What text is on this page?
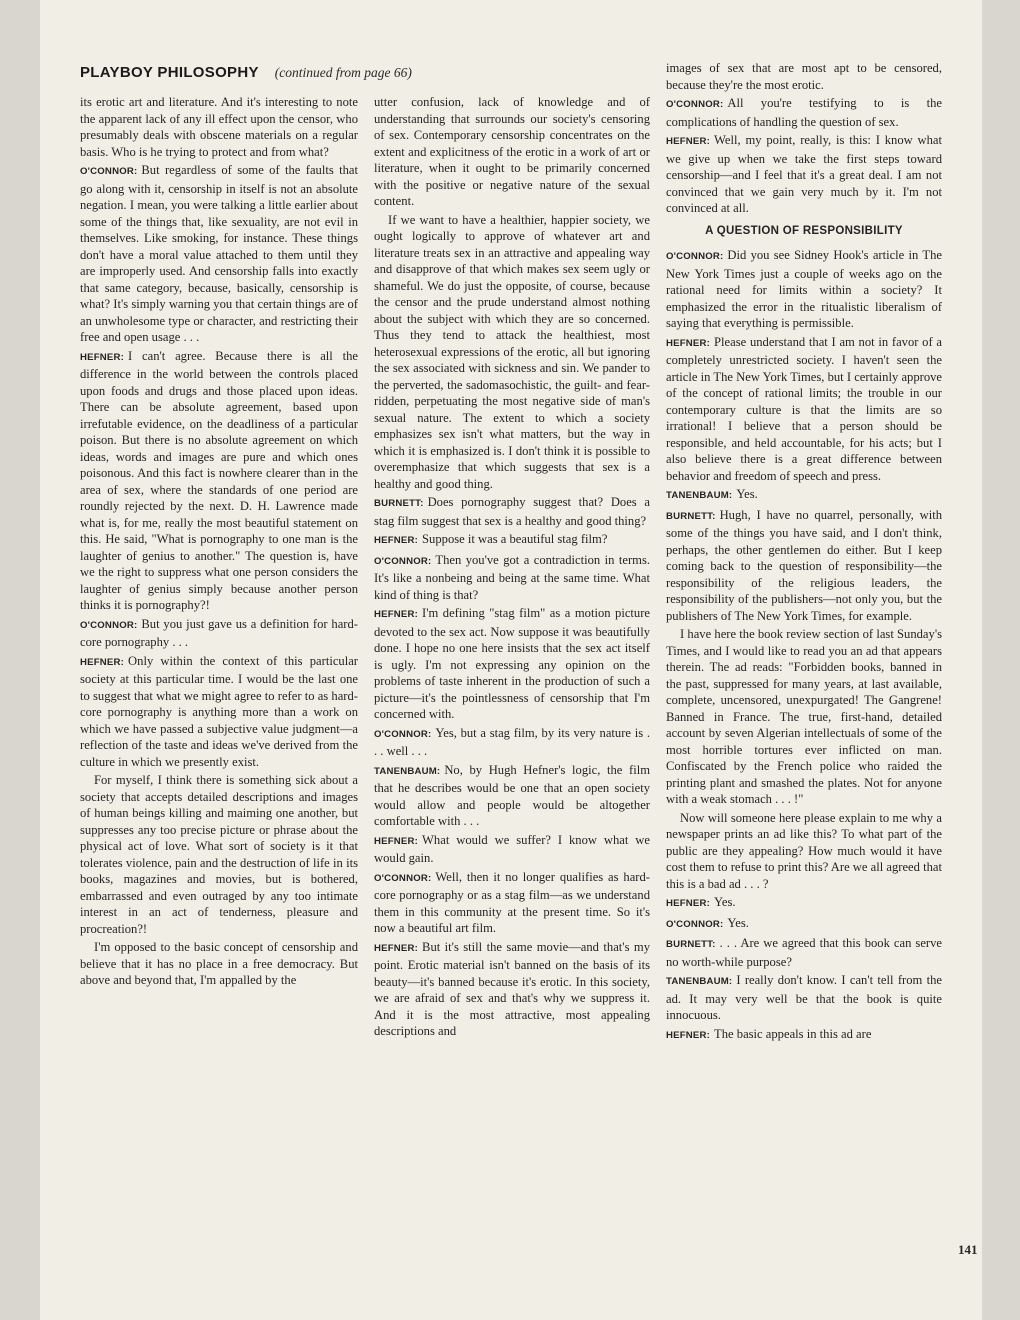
PLAYBOY PHILOSOPHY (continued from page 66)

its erotic art and literature. And it's interesting to note the apparent lack of any ill effect upon the censor, who presumably deals with obscene materials on a regular basis. Who is he trying to protect and from what?

O'CONNOR: But regardless of some of the faults that go along with it, censorship in itself is not an absolute negation. I mean, you were talking a little earlier about some of the things that, like sexuality, are not evil in themselves. Like smoking, for instance. These things don't have a moral value attached to them until they are improperly used. And censorship falls into exactly that same category, because, basically, censorship is what? It's simply warning you that certain things are of an unwholesome type or character, and restricting their free and open usage . . .

HEFNER: I can't agree. Because there is all the difference in the world between the controls placed upon foods and drugs and those placed upon ideas. There can be absolute agreement, based upon irrefutable evidence, on the deadliness of a particular poison. But there is no absolute agreement on which ideas, words and images are pure and which ones poisonous. And this fact is nowhere clearer than in the area of sex, where the standards of one period are roundly rejected by the next. D. H. Lawrence made what is, for me, really the most beautiful statement on this. He said, "What is pornography to one man is the laughter of genius to another." The question is, have we the right to suppress what one person considers the laughter of genius simply because another person thinks it is pornography?!

O'CONNOR: But you just gave us a definition for hard-core pornography . . .

HEFNER: Only within the context of this particular society at this particular time. I would be the last one to suggest that what we might agree to refer to as hard-core pornography is anything more than a work on which we have passed a subjective value judgment—a reflection of the taste and ideas we've derived from the culture in which we presently exist.

For myself, I think there is something sick about a society that accepts detailed descriptions and images of human beings killing and maiming one another, but suppresses any too precise picture or phrase about the physical act of love. What sort of society is it that tolerates violence, pain and the destruction of life in its books, magazines and movies, but is bothered, embarrassed and even outraged by any too intimate interest in an act of tenderness, pleasure and procreation?!

I'm opposed to the basic concept of censorship and believe that it has no place in a free democracy. But above and beyond that, I'm appalled by the

utter confusion, lack of knowledge and of understanding that surrounds our society's censoring of sex. Contemporary censorship concentrates on the extent and explicitness of the erotic in a work of art or literature, when it ought to be primarily concerned with the positive or negative nature of the sexual content.

If we want to have a healthier, happier society, we ought logically to approve of whatever art and literature treats sex in an attractive and appealing way and disapprove of that which makes sex seem ugly or shameful. We do just the opposite, of course, because the censor and the prude understand almost nothing about the subject with which they are so concerned. Thus they tend to attack the healthiest, most heterosexual expressions of the erotic, all but ignoring the sex associated with sickness and sin. We pander to the perverted, the sadomasochistic, the guilt- and fear-ridden, perpetuating the most negative side of man's sexual nature. The extent to which a society emphasizes sex isn't what matters, but the way in which it is emphasized is. I don't think it is possible to overemphasize that which suggests that sex is a healthy and good thing.

BURNETT: Does pornography suggest that? Does a stag film suggest that sex is a healthy and good thing?

HEFNER: Suppose it was a beautiful stag film?

O'CONNOR: Then you've got a contradiction in terms. It's like a nonbeing and being at the same time. What kind of thing is that?

HEFNER: I'm defining "stag film" as a motion picture devoted to the sex act. Now suppose it was beautifully done. I hope no one here insists that the sex act itself is ugly. I'm not expressing any opinion on the problems of taste inherent in the production of such a picture—it's the pointlessness of censorship that I'm concerned with.

O'CONNOR: Yes, but a stag film, by its very nature is . . . well . . .

TANENBAUM: No, by Hugh Hefner's logic, the film that he describes would be one that an open society would allow and people would be altogether comfortable with . . .

HEFNER: What would we suffer? I know what we would gain.

O'CONNOR: Well, then it no longer qualifies as hard-core pornography or as a stag film—as we understand them in this community at the present time. So it's now a beautiful art film.

HEFNER: But it's still the same movie—and that's my point. Erotic material isn't banned on the basis of its beauty—it's banned because it's erotic. In this society, we are afraid of sex and that's why we suppress it. And it is the most attractive, most appealing descriptions and

images of sex that are most apt to be censored, because they're the most erotic.

O'CONNOR: All you're testifying to is the complications of handling the question of sex.

HEFNER: Well, my point, really, is this: I know what we give up when we take the first steps toward censorship—and I feel that it's a great deal. I am not convinced that we gain very much by it. I'm not convinced at all.

A QUESTION OF RESPONSIBILITY

O'CONNOR: Did you see Sidney Hook's article in The New York Times just a couple of weeks ago on the rational need for limits within a society? It emphasized the error in the ritualistic liberalism of saying that everything is permissible.

HEFNER: Please understand that I am not in favor of a completely unrestricted society. I haven't seen the article in The New York Times, but I certainly approve of the concept of rational limits; the trouble in our contemporary culture is that the limits are so irrational! I believe that a person should be responsible, and held accountable, for his acts; but I also believe there is a great difference between behavior and freedom of speech and press.

TANENBAUM: Yes.

BURNETT: Hugh, I have no quarrel, personally, with some of the things you have said, and I don't think, perhaps, the other gentlemen do either. But I keep coming back to the question of responsibility—the responsibility of the religious leaders, the responsibility of the publishers—not only you, but the publishers of The New York Times, for example.

I have here the book review section of last Sunday's Times, and I would like to read you an ad that appears therein. The ad reads: "Forbidden books, banned in the past, suppressed for many years, at last available, complete, uncensored, unexpurgated! The Gangrene! Banned in France. The true, first-hand, detailed account by seven Algerian intellectuals of some of the most horrible tortures ever inflicted on man. Confiscated by the French police who raided the printing plant and smashed the plates. Not for anyone with a weak stomach . . . !"

Now will someone here please explain to me why a newspaper prints an ad like this? To what part of the public are they appealing? How much would it have cost them to refuse to print this? Are we all agreed that this is a bad ad . . . ?

HEFNER: Yes.

O'CONNOR: Yes.

BURNETT: . . . Are we agreed that this book can serve no worth-while purpose?

TANENBAUM: I really don't know. I can't tell from the ad. It may very well be that the book is quite innocuous.

HEFNER: The basic appeals in this ad are

141
